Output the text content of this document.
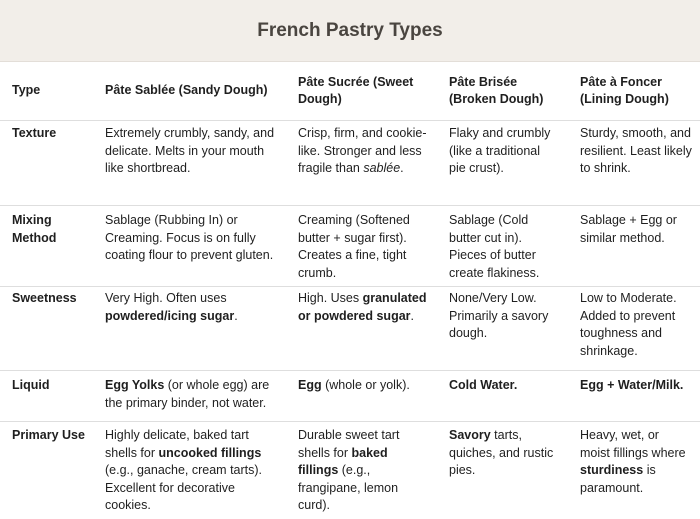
French Pastry Types
Type	Pâte Sablée (Sandy Dough)	Pâte Sucrée (Sweet Dough)	Pâte Brisée (Broken Dough)	Pâte à Foncer (Lining Dough)

Texture	Extremely crumbly, sandy, and delicate. Melts in your mouth like shortbread.	Crisp, firm, and cookie-like. Stronger and less fragile than sablée.	Flaky and crumbly (like a traditional pie crust).	Sturdy, smooth, and resilient. Least likely to shrink.

Mixing Method	Sablage (Rubbing In) or Creaming. Focus is on fully coating flour to prevent gluten.	Creaming (Softened butter + sugar first). Creates a fine, tight crumb.	Sablage (Cold butter cut in). Pieces of butter create flakiness.	Sablage + Egg or similar method.

Sweetness	Very High. Often uses powdered/icing sugar.	High. Uses granulated or powdered sugar.	None/Very Low. Primarily a savory dough.	Low to Moderate. Added to prevent toughness and shrinkage.

Liquid	Egg Yolks (or whole egg) are the primary binder, not water.	Egg (whole or yolk).	Cold Water.	Egg + Water/Milk.

Primary Use	Highly delicate, baked tart shells for uncooked fillings (e.g., ganache, cream tarts). Excellent for decorative cookies.	Durable sweet tart shells for baked fillings (e.g., frangipane, lemon curd).	Savory tarts, quiches, and rustic pies.	Heavy, wet, or moist fillings where sturdiness is paramount.
